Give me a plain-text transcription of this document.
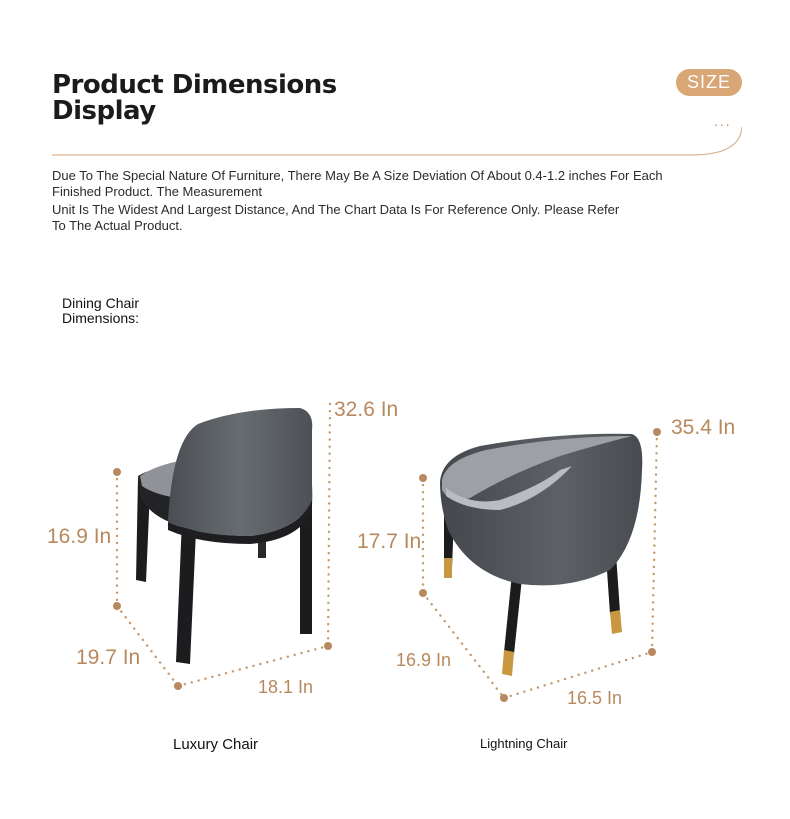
Product Dimensions
Display
SIZE
...
Due To The Special Nature Of Furniture, There May Be A Size Deviation Of About 0.4-1.2 inches For Each
Finished Product. The Measurement
Unit Is The Widest And Largest Distance, And The Chart Data Is For Reference Only. Please Refer
To The Actual Product.
Dining Chair
Dimensions:
32.6 In
16.9 In
19.7 In
18.1 In
Luxury Chair
35.4 In
17.7 In
16.9 In
16.5 In
Lightning Chair
